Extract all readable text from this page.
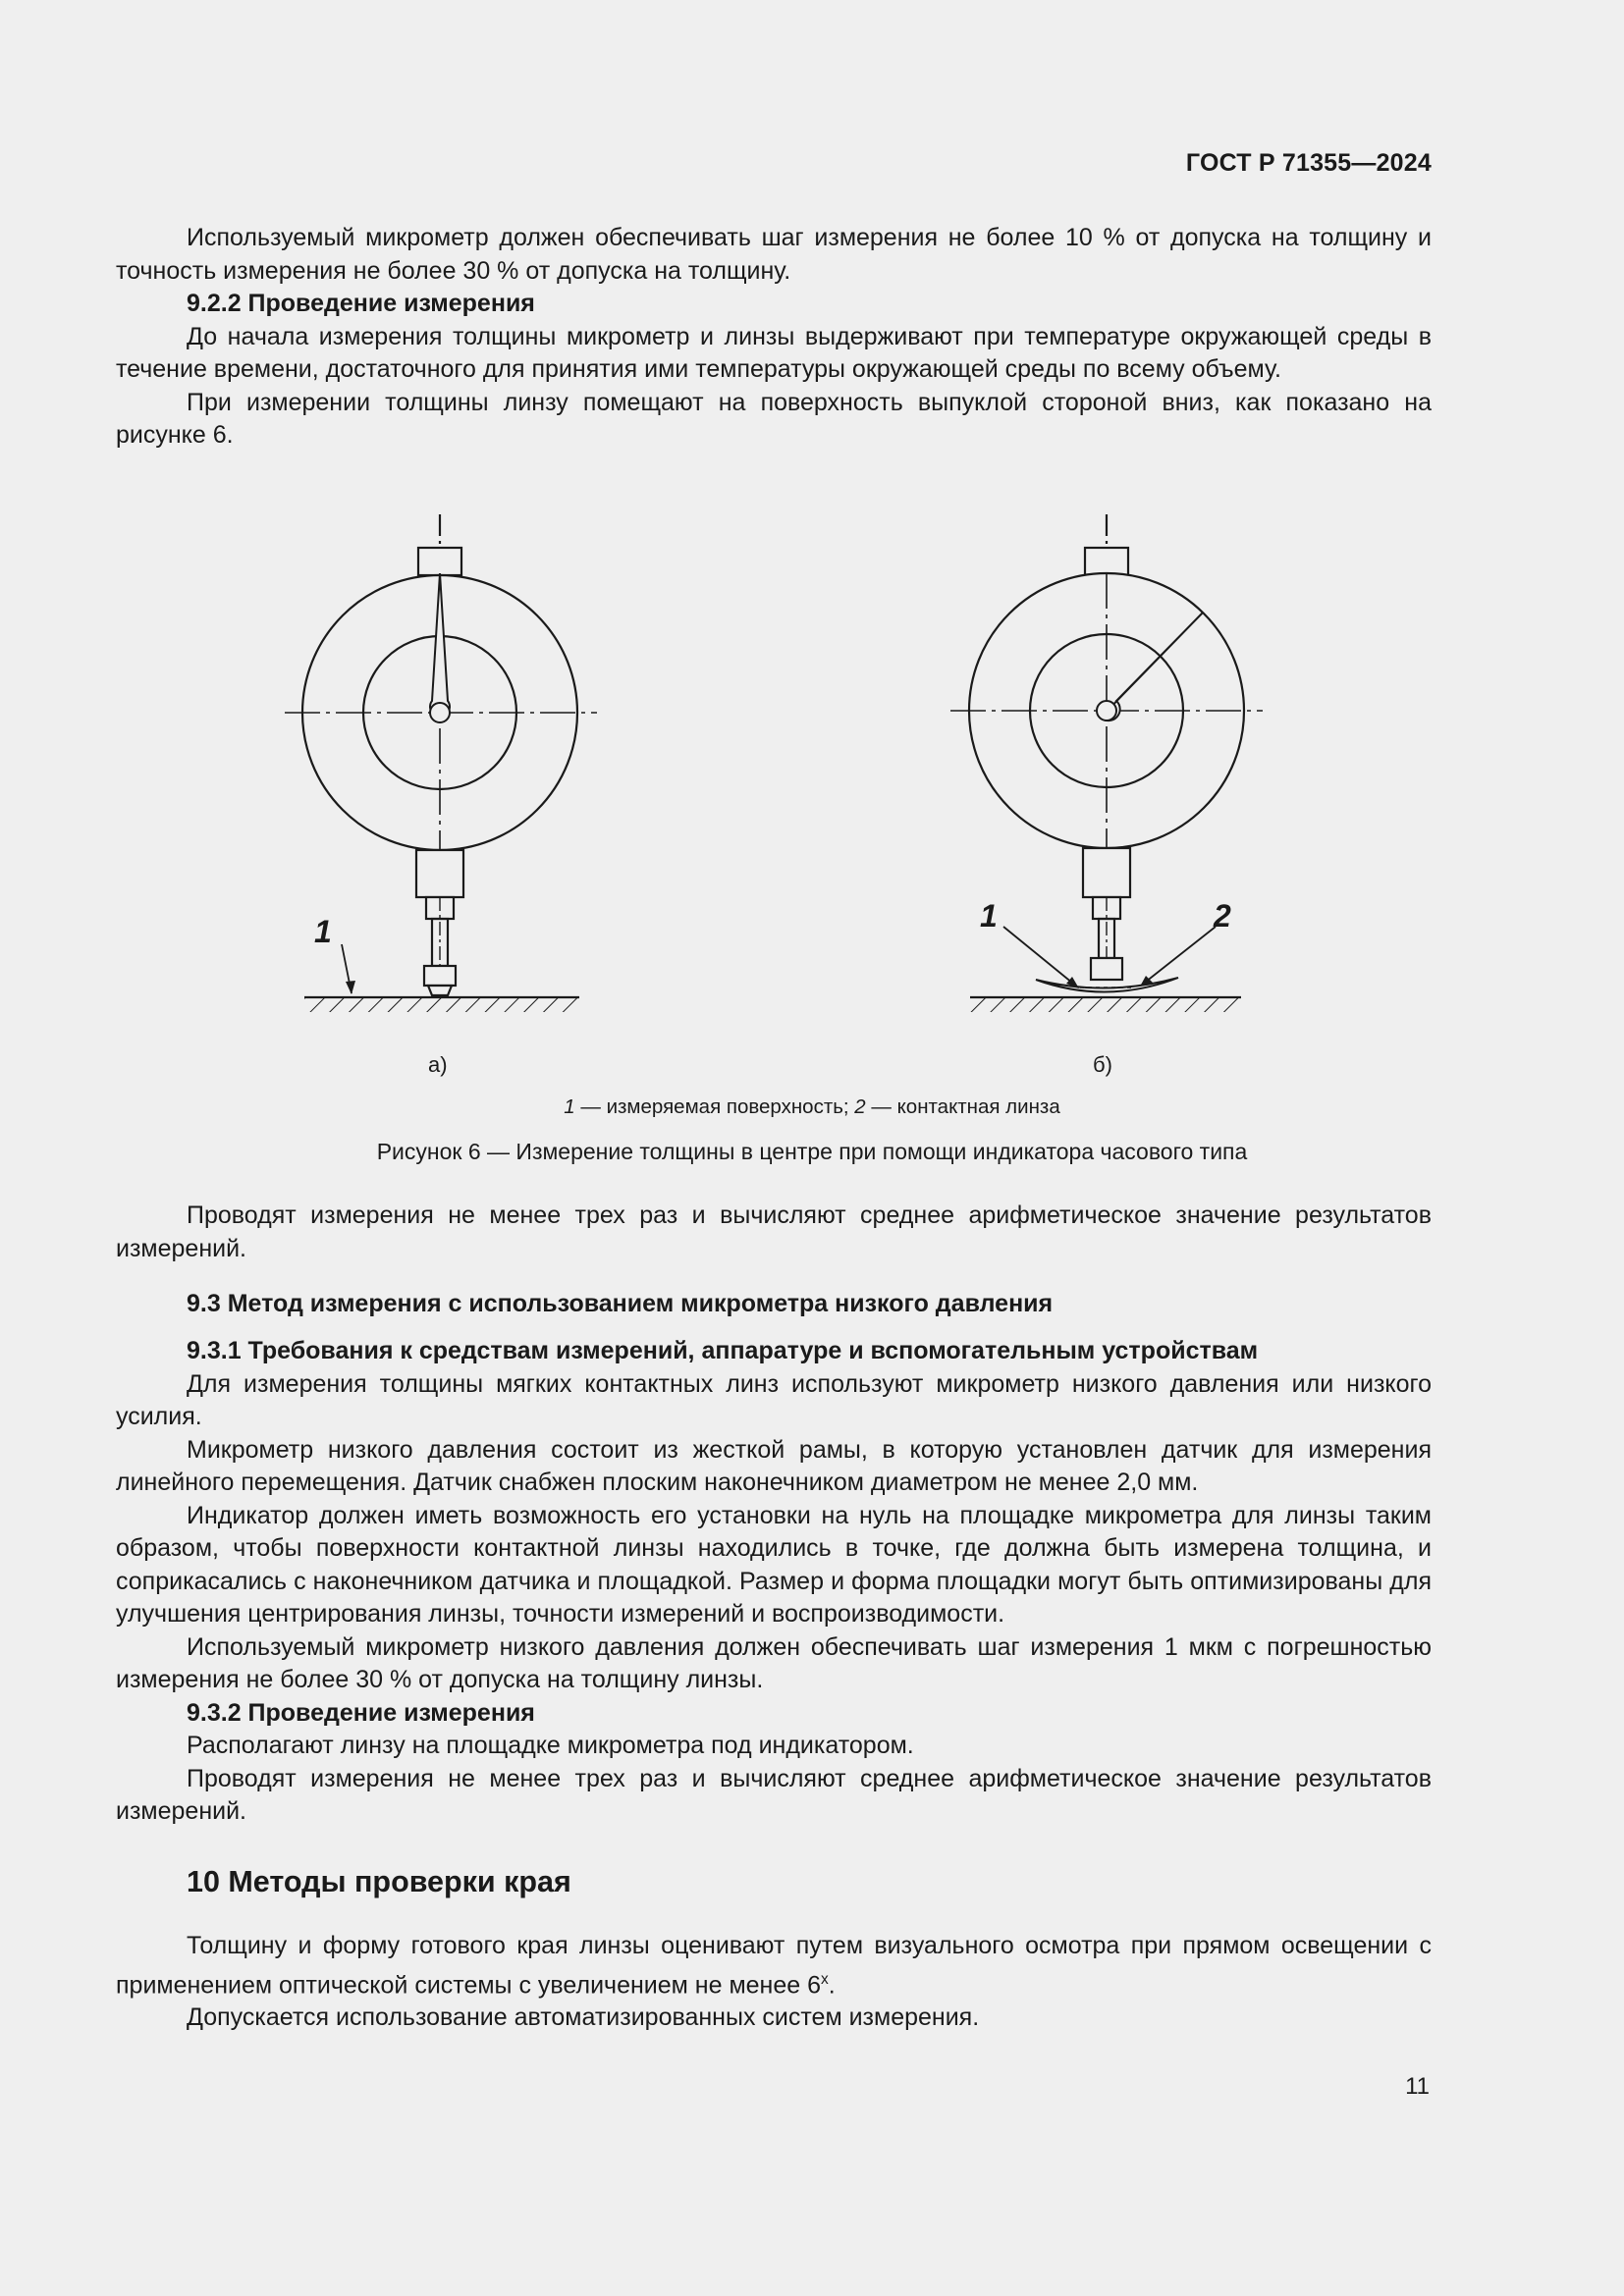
ГОСТ Р 71355—2024

Используемый микрометр должен обеспечивать шаг измерения не более 10 % от допуска на толщину и точность измерения не более 30 % от допуска на толщину.

9.2.2 Проведение измерения

До начала измерения толщины микрометр и линзы выдерживают при температуре окружающей среды в течение времени, достаточного для принятия ими температуры окружающей среды по всему объему.

При измерении толщины линзу помещают на поверхность выпуклой стороной вниз, как показано на рисунке 6.

1	1	2
а)	б)
1 — измеряемая поверхность; 2 — контактная линза
Рисунок 6 — Измерение толщины в центре при помощи индикатора часового типа

Проводят измерения не менее трех раз и вычисляют среднее арифметическое значение результатов измерений.

9.3 Метод измерения с использованием микрометра низкого давления

9.3.1 Требования к средствам измерений, аппаратуре и вспомогательным устройствам

Для измерения толщины мягких контактных линз используют микрометр низкого давления или низкого усилия.

Микрометр низкого давления состоит из жесткой рамы, в которую установлен датчик для измерения линейного перемещения. Датчик снабжен плоским наконечником диаметром не менее 2,0 мм.

Индикатор должен иметь возможность его установки на нуль на площадке микрометра для линзы таким образом, чтобы поверхности контактной линзы находились в точке, где должна быть измерена толщина, и соприкасались с наконечником датчика и площадкой. Размер и форма площадки могут быть оптимизированы для улучшения центрирования линзы, точности измерений и воспроизводимости.

Используемый микрометр низкого давления должен обеспечивать шаг измерения 1 мкм с погрешностью измерения не более 30 % от допуска на толщину линзы.

9.3.2 Проведение измерения

Располагают линзу на площадке микрометра под индикатором.

Проводят измерения не менее трех раз и вычисляют среднее арифметическое значение результатов измерений.

10 Методы проверки края

Толщину и форму готового края линзы оценивают путем визуального осмотра при прямом освещении с применением оптической системы с увеличением не менее 6$^x$.

Допускается использование автоматизированных систем измерения.

11
